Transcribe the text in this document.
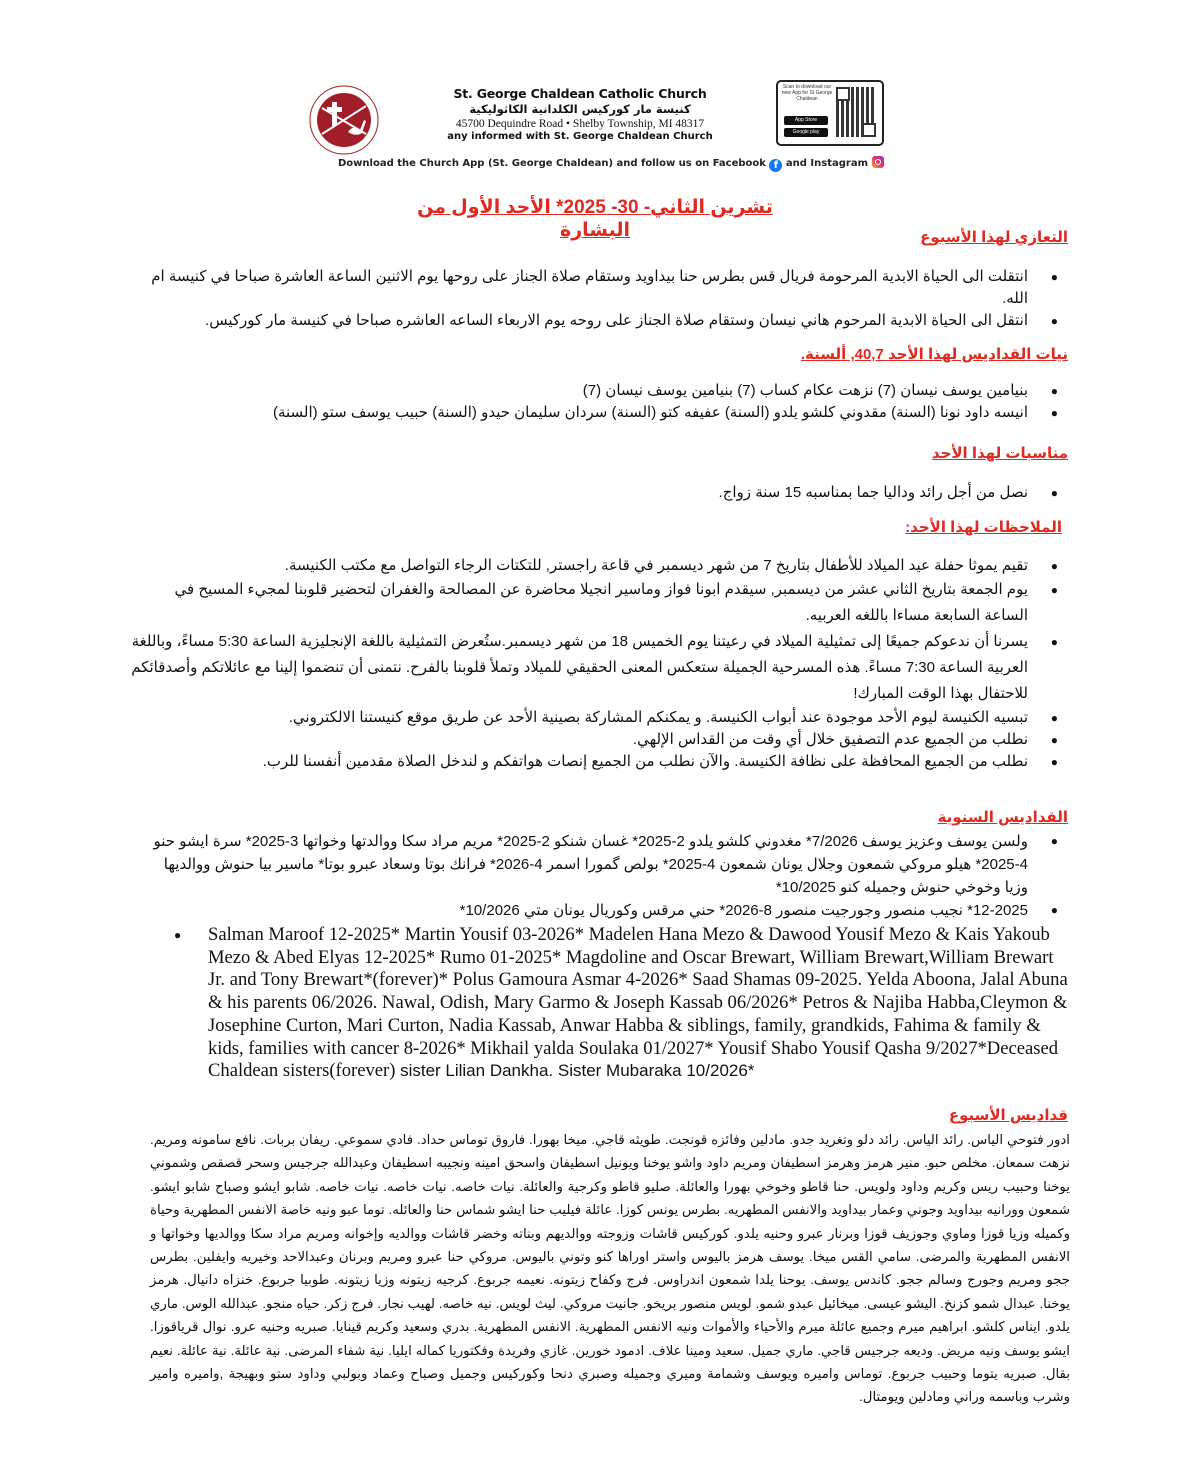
St. George Chaldean Catholic Church
كنيسة مار كوركيس الكلدانية الكاثوليكية
45700 Dequindre Road • Shelby Township, MI 48317
any informed with St. George Chaldean Church
Scan to download our new App for St George Chaldean
App Store
Google play
Download the Church App (St. George Chaldean) and follow us on Facebook f and Instagram
تشرين الثاني- 30- 2025* الأحد الأول من البشارة	التعازي لهذا الأسبوع
● انتقلت الى الحياة الابدية المرحومة فريال قس بطرس حنا بيداويد وستقام صلاة الجناز على روحها يوم الاثنين الساعة العاشرة صباحا في كنيسة ام الله.
● انتقل الى الحياة الابدية المرحوم هاني نيسان وستقام صلاة الجناز على روحه يوم الاربعاء الساعه العاشره صباحا في كنيسة مار كوركيس.
نيات القداديس لهذا الأحد 40,7, ألسنة.
● بنيامين يوسف نيسان (7) نزهت عكام كساب (7) بنيامين يوسف نيسان (7)
● انيسه داود نونا (السنة) مقدوني كلشو يلدو (السنة) عفيفه كتو (السنة) سردان سليمان حيدو (السنة) حبيب يوسف ستو (السنة)
مناسبات لهذا الأحد
● نصل من أجل رائد وداليا جما بمناسبه 15 سنة زواج.
الملاحظات لهذا الأحد:
● تقيم يموثا حفلة عيد الميلاد للأطفال بتاريخ 7 من شهر ديسمبر في قاعة راجستر, للتكتات الرجاء التواصل مع مكتب الكنيسة.
● يوم الجمعة بتاريخ الثاني عشر من ديسمبر, سيقدم ابونا فواز وماسير انجيلا محاضرة عن المصالحة والغفران لتحضير قلوبنا لمجيء المسيح في الساعة السابعة مساءا باللغه العربيه.
● يسرنا أن ندعوكم جميعًا إلى تمثيلية الميلاد في رعيتنا يوم الخميس 18 من شهر ديسمبر.ستُعرض التمثيلية باللغة الإنجليزية الساعة 5:30 مساءً، وباللغة العربية الساعة 7:30 مساءً. هذه المسرحية الجميلة ستعكس المعنى الحقيقي للميلاد وتملأ قلوبنا بالفرح. نتمنى أن تنضموا إلينا مع عائلاتكم وأصدقائكم للاحتفال بهذا الوقت المبارك!
● تبسيه الكنيسة ليوم الأحد موجودة عند أبواب الكنيسة. و يمكنكم المشاركة بصينية الأحد عن طريق موقع كنيستنا الالكتروني.
● نطلب من الجميع عدم التصفيق خلال أي وقت من القداس الإلهي.
● نطلب من الجميع المحافظة على نظافة الكنيسة. والآن نطلب من الجميع إنصات هواتفكم و لندخل الصلاة مقدمين أنفسنا للرب.
القداديس السنوية
● ولسن يوسف وعزيز يوسف 7/2026* مغدوني كلشو يلدو 2-2025* غسان شنكو 2-2025* مريم مراد سكا ووالدتها وخواتها 3-2025* سرة ايشو حنو 4-2025* هيلو مروكي شمعون وجلال يونان شمعون 4-2025* بولص گمورا اسمر 4-2026* فرانك بوتا وسعاد عبرو بوتا* ماسير بيا حنوش ووالديها وزيا وخوخي حنوش وجميله كنو 10/2025*
● 12-2025* نجيب منصور وجورجيت منصور 8-2026* حني مرقس وكوريال يونان متي 10/2026*
● Salman Maroof 12-2025* Martin Yousif 03-2026* Madelen Hana Mezo & Dawood Yousif Mezo & Kais Yakoub Mezo & Abed Elyas 12-2025* Rumo 01-2025* Magdoline and Oscar Brewart, William Brewart,William Brewart Jr. and Tony Brewart*(forever)* Polus Gamoura Asmar 4-2026* Saad Shamas 09-2025. Yelda Aboona, Jalal Abuna & his parents 06/2026. Nawal, Odish, Mary Garmo & Joseph Kassab 06/2026* Petros & Najiba Habba,Cleymon & Josephine Curton, Mari Curton, Nadia Kassab, Anwar Habba & siblings, family, grandkids, Fahima & family & kids, families with cancer 8-2026* Mikhail yalda Soulaka 01/2027* Yousif Shabo Yousif Qasha 9/2027*Deceased Chaldean sisters(forever) sister Lilian Dankha. Sister Mubaraka 10/2026*
قداديس الأسبوع
ادور فتوحي الياس. رائد الياس. رائد دلو وتغريد جدو. مادلين وفائزه قونجت. طويثه قاجي. ميخا بهورا. فاروق توماس حداد. فادي سموعي. ريفان بربات. نافع سامونه ومريم. نزهت سمعان. مخلص حبو. منير هرمز وهرمز اسطيفان ومريم داود واشو يوخنا ويونيل اسطيفان واسحق امينه ونجيبه اسطيفان وعبدالله جرجيس وسحر قصقص وشموني يوخنا وحبيب ريس وكريم وداود ولويس. حنا قاطو وخوخي بهورا والعائلة. صليو قاطو وكرجية والعائلة. نيات خاصه. نيات خاصه. نيات خاصه. شابو ايشو وصباح شابو ايشو. شمعون وورانيه بيداويد وجوني وعمار بيداويد والانفس المطهريه. بطرس يونس كوزا. عائلة فيليب حنا ايشو شماس حنا والعائله. توما عبو ونيه خاصة الانفس المطهرية وحياة وكميله وزيا قوزا وماوي وجوزيف قوزا وبرنار عبرو وحنيه يلدو. كوركيس قاشات وزوجته ووالديهم وبناته وخضر قاشات ووالديه وإخوانه ومريم مراد سكا ووالديها وخواتها و الانفس المطهرية والمرضى. سامي القس ميخا. يوسف هرمز باليوس واستر اوراها كنو وتوني باليوس. مروكي حنا عبرو ومريم وبرنان وعبدالاحد وخيريه وايفلين. بطرس ججو ومريم وجورج وسالم ججو. كاندس يوسف. يوحنا يلدا شمعون اندراوس. فرج وكفاح زيتونه. نعيمه جربوع. كرجيه زيتونه وزيا زيتونه. طوبيا جربوع. خنزاه دانيال. هرمز يوخنا. عبدال شمو كزنخ. اليشو عيسى. ميخائيل عبدو شمو. لويس منصور بريخو. جانيت مروكي. ليث لويس. نيه خاصه. لهيب نجار. فرج زكر. حياه منجو. عبدالله الوس. ماري يلدو. ايناس كلشو. ابراهيم ميرم وجميع عائلة ميرم والأحياء والأموات ونيه الانفس المطهرية. الانفس المطهرية. بدري وسعيد وكريم قينايا. صبريه وحنيه عرو. نوال قرياقوزا. ايشو يوسف ونيه مريض. وديعه جرجيس قاجي. ماري جميل. سعيد ومينا علاف. ادمود خورين. غازي وفريدة وفكتوريا كماله ايليا. نية شفاء المرضى. نية عائلة. نية عائلة. نعيم بقال. صبريه يتوما وحبيب جربوع. توماس واميره ويوسف وشمامة وميري وجميله وصبري دنحا وكوركيس وجميل وصباح وعماد وبولبي وداود ستو وبهيجة ,واميره وامير وشرب وباسمه وراني ومادلين ويومتال.
